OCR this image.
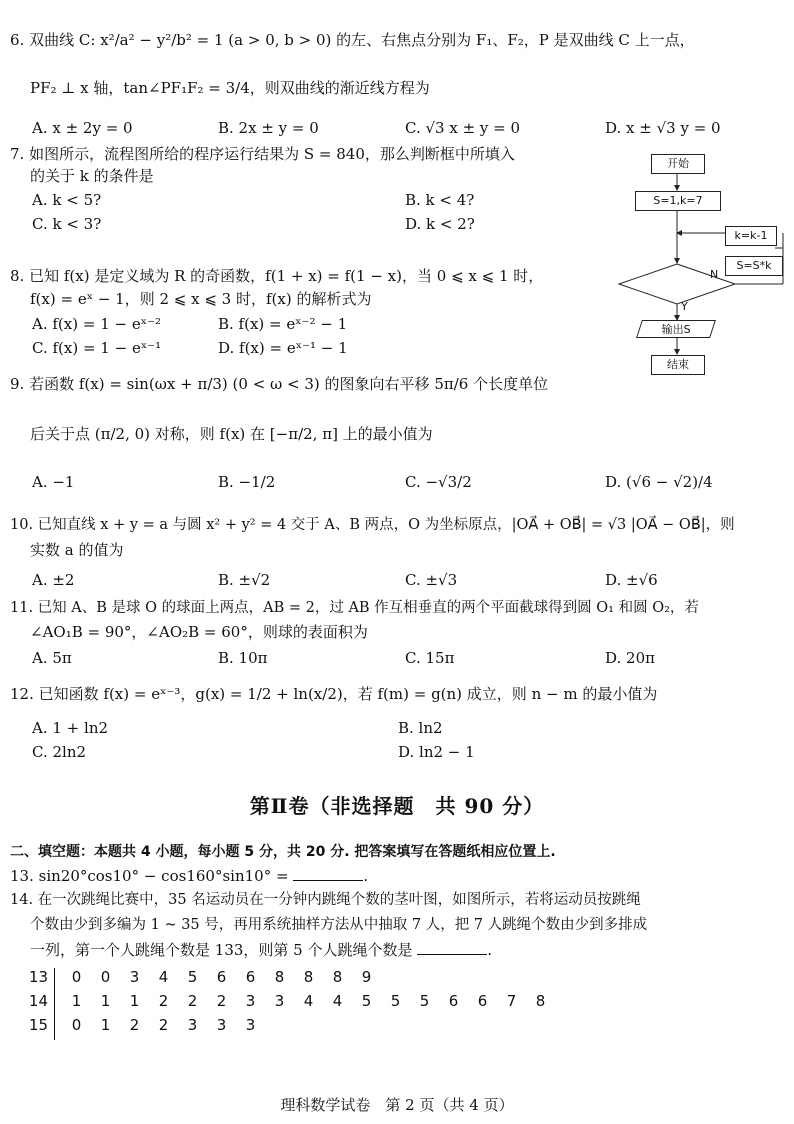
6. 双曲线 C: x²/a² − y²/b² = 1 (a > 0, b > 0) 的左、右焦点分别为 F₁、F₂，P 是双曲线 C 上一点，
PF₂ ⊥ x 轴，tan∠PF₁F₂ = 3/4，则双曲线的渐近线方程为
A. x ± 2y = 0	B. 2x ± y = 0	C. √3 x ± y = 0	D. x ± √3 y = 0
7. 如图所示，流程图所给的程序运行结果为 S = 840，那么判断框中所填入
的关于 k 的条件是
A. k < 5?	B. k < 4?
C. k < 3?	D. k < 2?
开始
S=1,k=7
k=k-1
S=S*k
N
Y
输出S
结束
8. 已知 f(x) 是定义域为 R 的奇函数，f(1 + x) = f(1 − x)，当 0 ⩽ x ⩽ 1 时，
f(x) = eˣ − 1，则 2 ⩽ x ⩽ 3 时，f(x) 的解析式为
A. f(x) = 1 − eˣ⁻²	B. f(x) = eˣ⁻² − 1
C. f(x) = 1 − eˣ⁻¹	D. f(x) = eˣ⁻¹ − 1
9. 若函数 f(x) = sin(ωx + π/3) (0 < ω < 3) 的图象向右平移 5π/6 个长度单位
后关于点 (π/2, 0) 对称，则 f(x) 在 [−π/2, π] 上的最小值为
A. −1	B. −1/2	C. −√3/2	D. (√6 − √2)/4
10. 已知直线 x + y = a 与圆 x² + y² = 4 交于 A、B 两点，O 为坐标原点，|OA⃗ + OB⃗| = √3 |OA⃗ − OB⃗|，则
实数 a 的值为
A. ±2	B. ±√2	C. ±√3	D. ±√6
11. 已知 A、B 是球 O 的球面上两点，AB = 2，过 AB 作互相垂直的两个平面截球得到圆 O₁ 和圆 O₂，若
∠AO₁B = 90°，∠AO₂B = 60°，则球的表面积为
A. 5π	B. 10π	C. 15π	D. 20π
12. 已知函数 f(x) = eˣ⁻³，g(x) = 1/2 + ln(x/2)，若 f(m) = g(n) 成立，则 n − m 的最小值为
A. 1 + ln2	B. ln2
C. 2ln2	D. ln2 − 1
第Ⅱ卷（非选择题　共 90 分）
二、填空题：本题共 4 小题，每小题 5 分，共 20 分. 把答案填写在答题纸相应位置上.
13. sin20°cos10° − cos160°sin10° =	.
14. 在一次跳绳比赛中，35 名运动员在一分钟内跳绳个数的茎叶图，如图所示，若将运动员按跳绳
个数由少到多编为 1 ~ 35 号，再用系统抽样方法从中抽取 7 人，把 7 人跳绳个数由少到多排成
一列，第一个人跳绳个数是 133，则第 5 个人跳绳个数是	.
13	0	0	3	4	5	6	6	8	8	8	9
14	1	1	1	2	2	2	3	3	4	4	5	5	5	6	6	7	8
15	0	1	2	2	3	3	3
理科数学试卷　第 2 页（共 4 页）
